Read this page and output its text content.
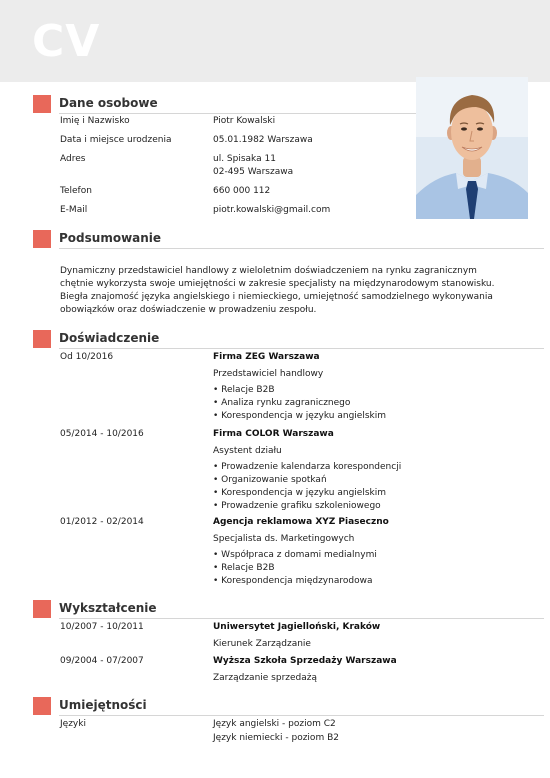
CV
Dane osobowe
Imię i Nazwisko	Piotr Kowalski
Data i miejsce urodzenia	05.01.1982 Warszawa
Adres	ul. Spisaka 11
02-495 Warszawa
Telefon	660 000 112
E-Mail	piotr.kowalski@gmail.com
Podsumowanie
Dynamiczny przedstawiciel handlowy z wieloletnim doświadczeniem na rynku zagranicznym chętnie wykorzysta swoje umiejętności w zakresie specjalisty na międzynarodowym stanowisku. Biegła znajomość języka angielskiego i niemieckiego, umiejętność samodzielnego wykonywania obowiązków oraz doświadczenie w prowadzeniu zespołu.
Doświadczenie
Od 10/2016	Firma ZEG Warszawa
Przedstawiciel handlowy
• Relacje B2B
• Analiza rynku zagranicznego
• Korespondencja w języku angielskim
05/2014 - 10/2016	Firma COLOR Warszawa
Asystent działu
• Prowadzenie kalendarza korespondencji
• Organizowanie spotkań
• Korespondencja w języku angielskim
• Prowadzenie grafiku szkoleniowego
01/2012 - 02/2014	Agencja reklamowa XYZ Piaseczno
Specjalista ds. Marketingowych
• Współpraca z domami medialnymi
• Relacje B2B
• Korespondencja międzynarodowa
Wykształcenie
10/2007 - 10/2011	Uniwersytet Jagielloński, Kraków
Kierunek Zarządzanie
09/2004 - 07/2007	Wyższa Szkoła Sprzedaży Warszawa
Zarządzanie sprzedażą
Umiejętności
Języki	Język angielski - poziom C2
Język niemiecki - poziom B2
